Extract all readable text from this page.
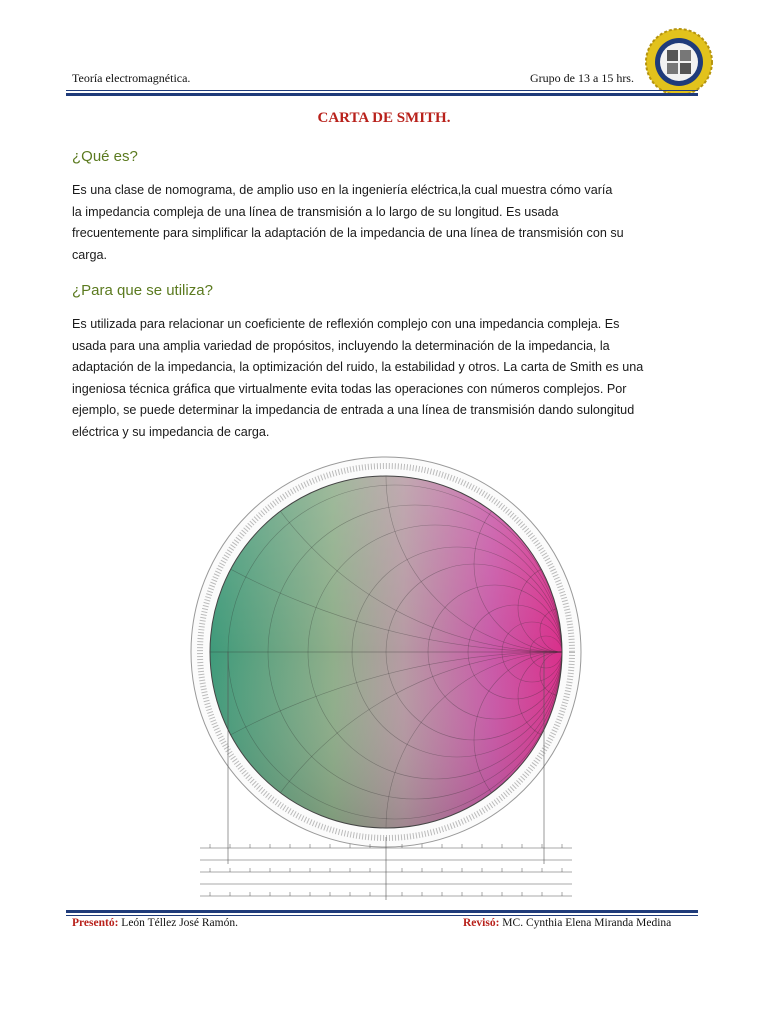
Teoría electromagnética.	Grupo de 13 a 15 hrs.
CARTA DE SMITH.
¿Qué es?

Es una clase de nomograma, de amplio uso en la ingeniería eléctrica,la cual muestra cómo varía
la impedancia compleja de una línea de transmisión a lo largo de su longitud. Es usada
frecuentemente para simplificar la adaptación de la impedancia de una línea de transmisión con su
carga.

¿Para que se utiliza?

Es utilizada para relacionar un coeficiente de reflexión complejo con una impedancia compleja. Es
usada para una amplia variedad de propósitos, incluyendo la determinación de la impedancia, la
adaptación de la impedancia, la optimización del ruido, la estabilidad y otros. La carta de Smith es una
ingeniosa técnica gráfica que virtualmente evita todas las operaciones con números complejos. Por
ejemplo, se puede determinar la impedancia de entrada a una línea de transmisión dando sulongitud
eléctrica y su impedancia de carga.

Presentó: León Téllez José Ramón.	Revisó: MC. Cynthia Elena Miranda Medina
